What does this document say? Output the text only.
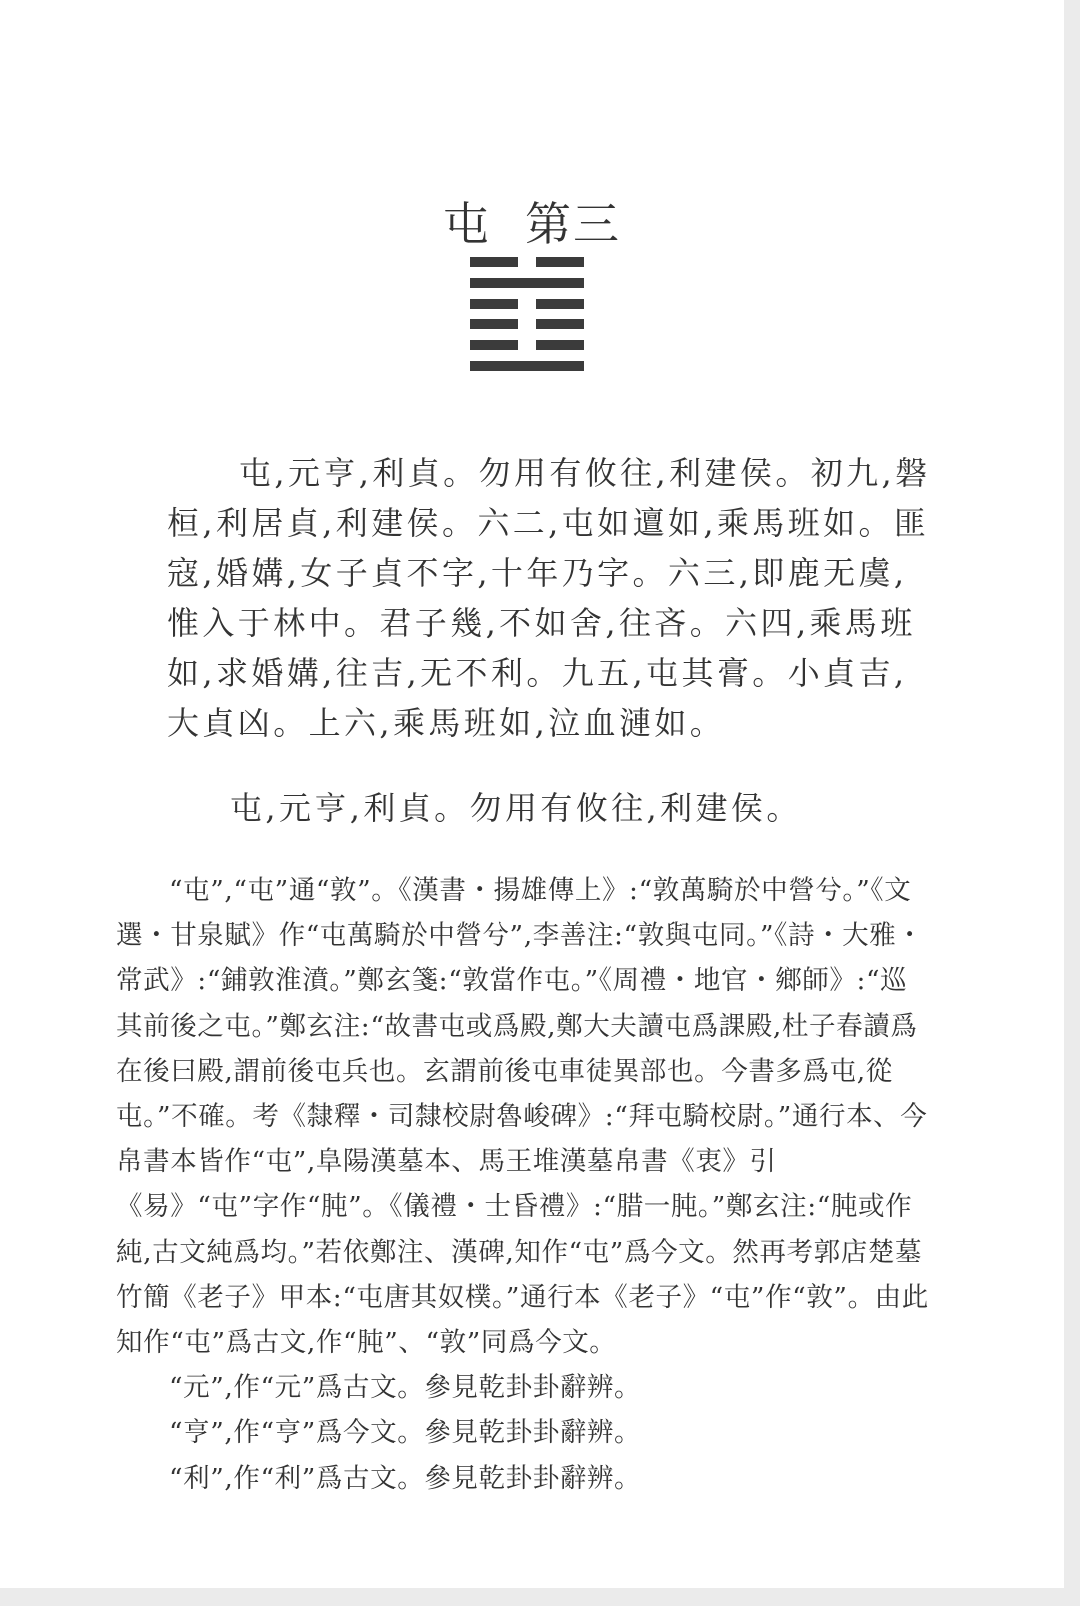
屯 第三

屯,元亨,利貞。勿用有攸往,利建侯。初九,磐桓,利居貞,利建侯。六二,屯如邅如,乘馬班如。匪寇,婚媾,女子貞不字,十年乃字。六三,即鹿无虞,惟入于林中。君子幾,不如舍,往吝。六四,乘馬班如,求婚媾,往吉,无不利。九五,屯其膏。小貞吉,大貞凶。上六,乘馬班如,泣血漣如。

屯,元亨,利貞。勿用有攸往,利建侯。

“屯”,“屯”通“敦”。《漢書・揚雄傳上》:“敦萬騎於中營兮。”《文選・甘泉賦》作“屯萬騎於中營兮”,李善注:“敦與屯同。”《詩・大雅・常武》:“鋪敦淮濆。”鄭玄箋:“敦當作屯。”《周禮・地官・鄉師》:“巡其前後之屯。”鄭玄注:“故書屯或爲殿,鄭大夫讀屯爲課殿,杜子春讀爲在後曰殿,謂前後屯兵也。玄謂前後屯車徒異部也。今書多爲屯,從屯。”不確。考《隸釋・司隸校尉魯峻碑》:“拜屯騎校尉。”通行本、今帛書本皆作“屯”,阜陽漢墓本、馬王堆漢墓帛書《衷》引《易》“屯”字作“肫”。《儀禮・士昏禮》:“腊一肫。”鄭玄注:“肫或作純,古文純爲均。”若依鄭注、漢碑,知作“屯”爲今文。然再考郭店楚墓竹簡《老子》甲本:“屯唐其奴樸。”通行本《老子》“屯”作“敦”。由此知作“屯”爲古文,作“肫”、“敦”同爲今文。

“元”,作“元”爲古文。參見乾卦卦辭辨。

“亨”,作“亨”爲今文。參見乾卦卦辭辨。

“利”,作“利”爲古文。參見乾卦卦辭辨。
